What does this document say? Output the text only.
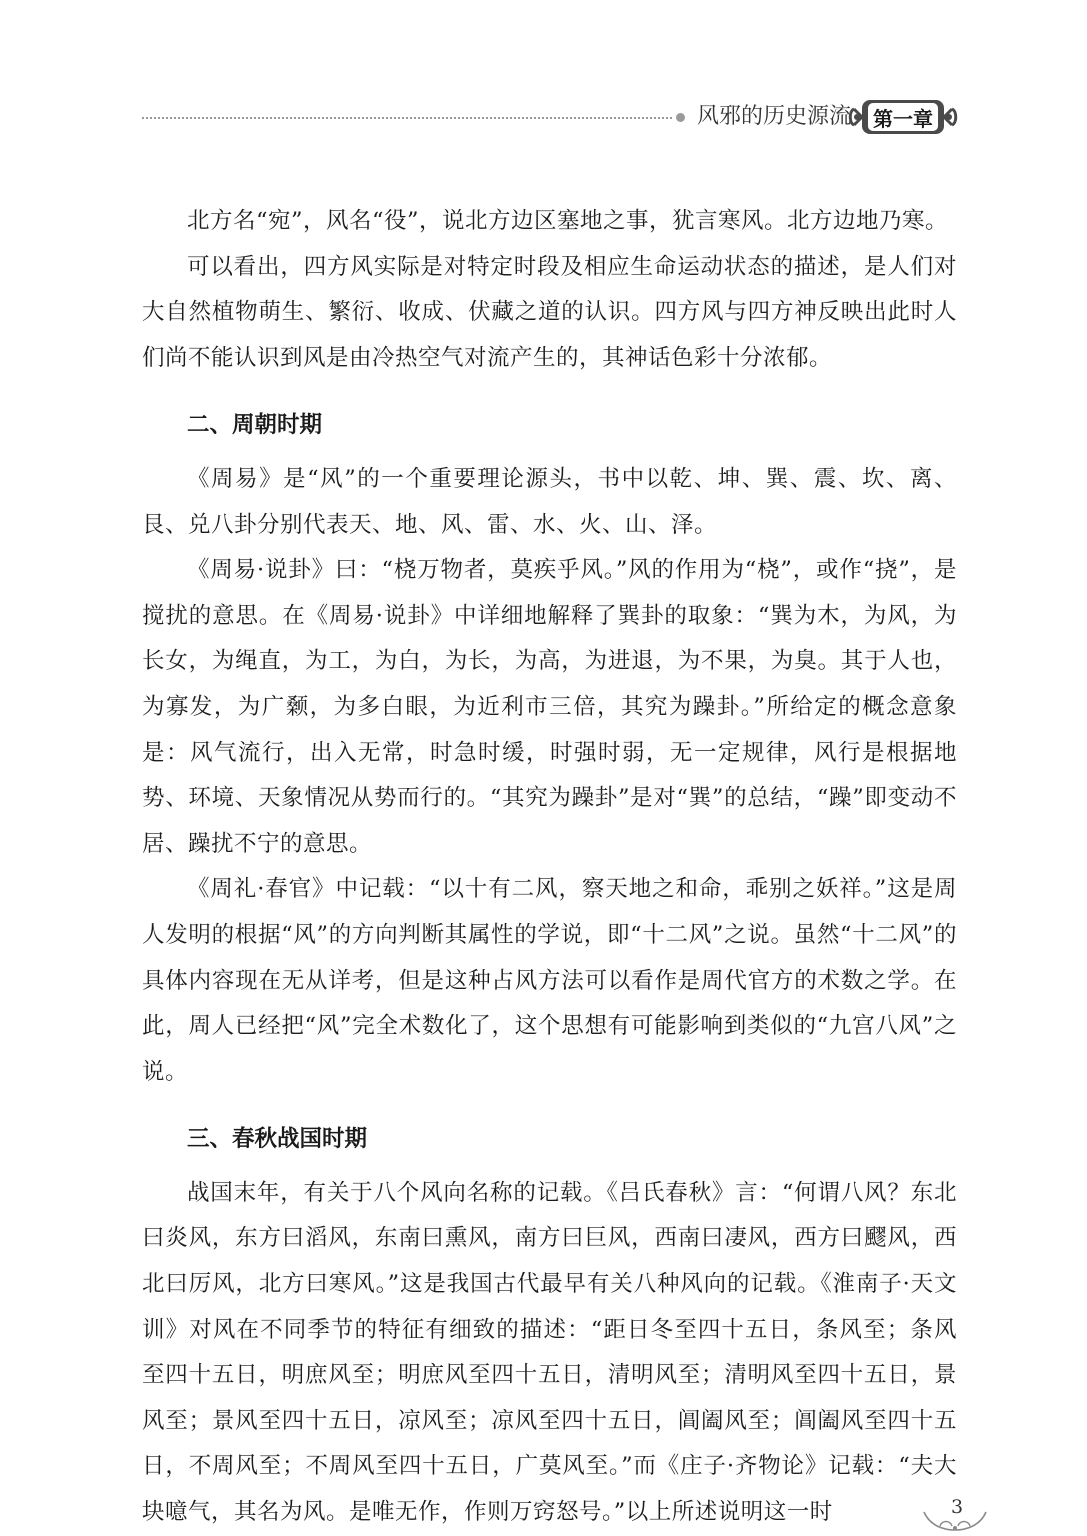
风邪的历史源流 第一章

北方名“宛”，风名“役”，说北方边区塞地之事，犹言寒风。北方边地乃寒。

可以看出，四方风实际是对特定时段及相应生命运动状态的描述，是人们对大自然植物萌生、繁衍、收成、伏藏之道的认识。四方风与四方神反映出此时人们尚不能认识到风是由冷热空气对流产生的，其神话色彩十分浓郁。

二、周朝时期

《周易》是“风”的一个重要理论源头，书中以乾、坤、巽、震、坎、离、艮、兑八卦分别代表天、地、风、雷、水、火、山、泽。

《周易·说卦》曰：“桡万物者，莫疾乎风。”风的作用为“桡”，或作“挠”，是搅扰的意思。在《周易·说卦》中详细地解释了巽卦的取象：“巽为木，为风，为长女，为绳直，为工，为白，为长，为高，为进退，为不果，为臭。其于人也，为寡发，为广颡，为多白眼，为近利市三倍，其究为躁卦。”所给定的概念意象是：风气流行，出入无常，时急时缓，时强时弱，无一定规律，风行是根据地势、环境、天象情况从势而行的。“其究为躁卦”是对“巽”的总结，“躁”即变动不居、躁扰不宁的意思。

《周礼·春官》中记载：“以十有二风，察天地之和命，乖别之妖祥。”这是周人发明的根据“风”的方向判断其属性的学说，即“十二风”之说。虽然“十二风”的具体内容现在无从详考，但是这种占风方法可以看作是周代官方的术数之学。在此，周人已经把“风”完全术数化了，这个思想有可能影响到类似的“九宫八风”之说。

三、春秋战国时期

战国末年，有关于八个风向名称的记载。《吕氏春秋》言：“何谓八风？东北曰炎风，东方曰滔风，东南曰熏风，南方曰巨风，西南曰凄风，西方曰飂风，西北曰厉风，北方曰寒风。”这是我国古代最早有关八种风向的记载。《淮南子·天文训》对风在不同季节的特征有细致的描述：“距日冬至四十五日，条风至；条风至四十五日，明庶风至；明庶风至四十五日，清明风至；清明风至四十五日，景风至；景风至四十五日，凉风至；凉风至四十五日，阊阖风至；阊阖风至四十五日，不周风至；不周风至四十五日，广莫风至。”而《庄子·齐物论》记载：“夫大块噫气，其名为风。是唯无作，作则万窍怒号。”以上所述说明这一时	3
